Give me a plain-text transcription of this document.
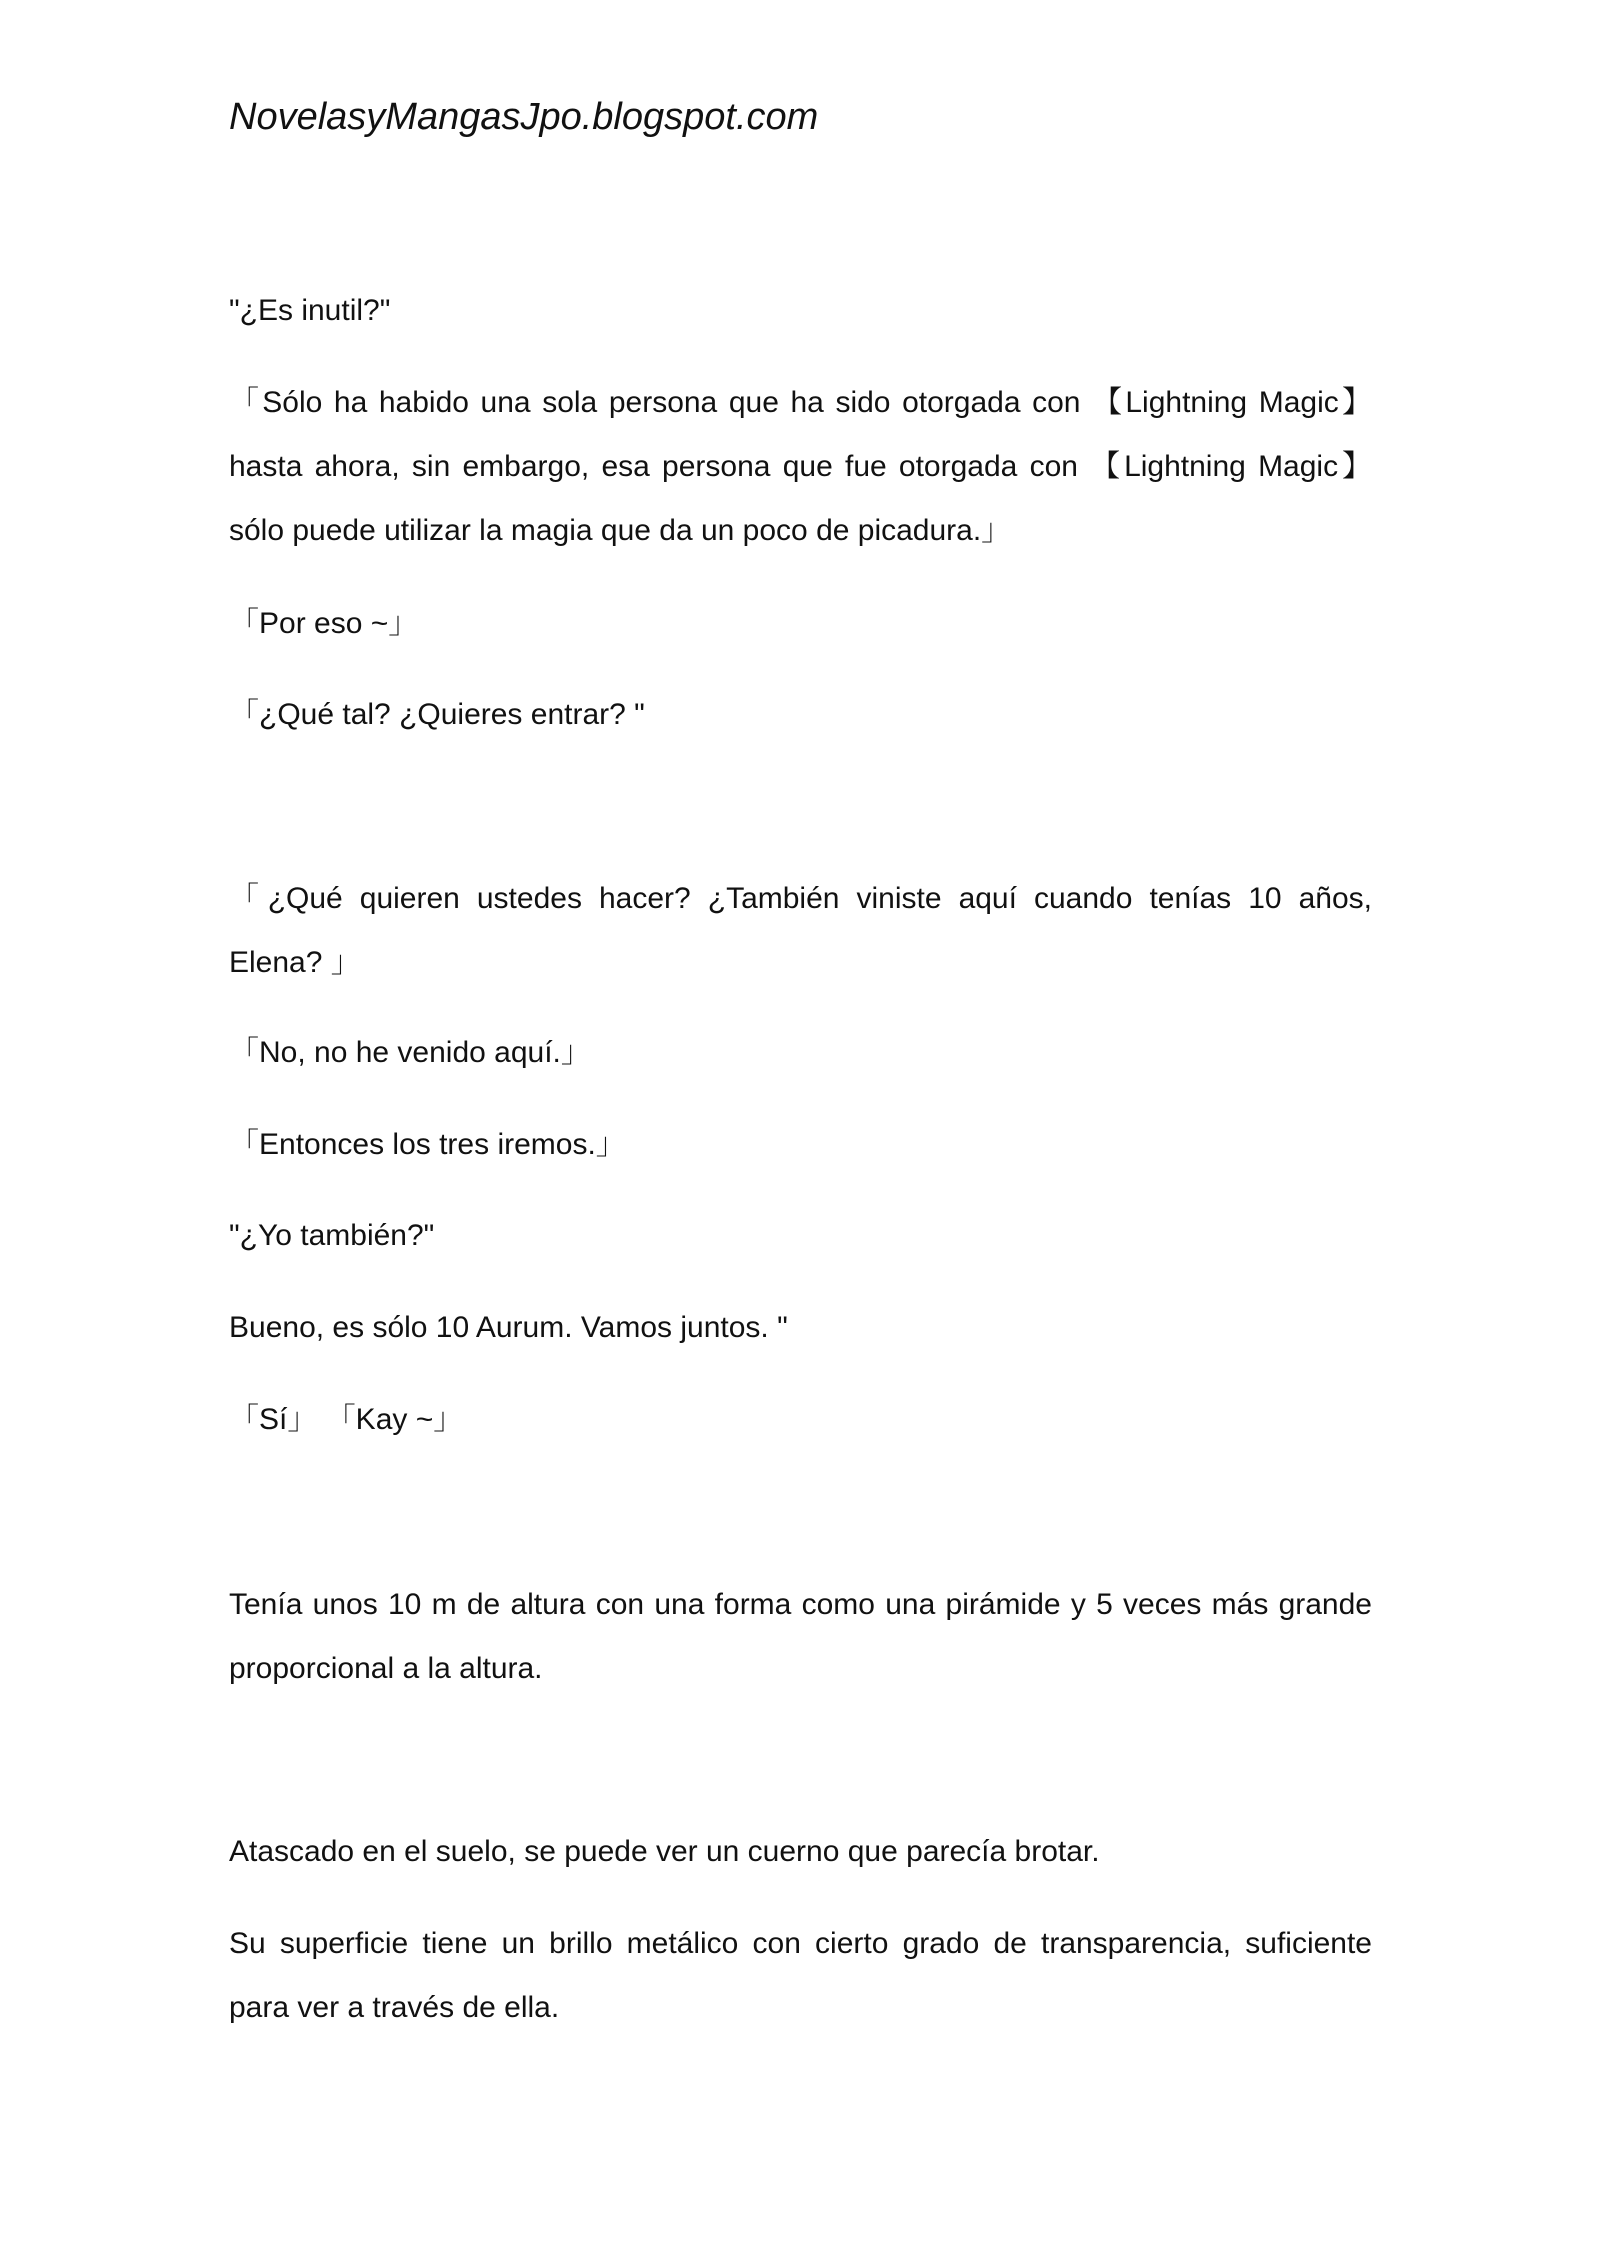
NovelasyMangasJpo.blogspot.com

"¿Es inutil?"

「Sólo ha habido una sola persona que ha sido otorgada con 【Lightning Magic】 hasta ahora, sin embargo, esa persona que fue otorgada con 【Lightning Magic】 sólo puede utilizar la magia que da un poco de picadura.」

「Por eso ~」

「¿Qué tal? ¿Quieres entrar? "

「¿Qué quieren ustedes hacer? ¿También viniste aquí cuando tenías 10 años, Elena? 」

「No, no he venido aquí.」

「Entonces los tres iremos.」

"¿Yo también?"

Bueno, es sólo 10 Aurum. Vamos juntos. "

「Sí」 「Kay ~」

Tenía unos 10 m de altura con una forma como una pirámide y 5 veces más grande proporcional a la altura.

Atascado en el suelo, se puede ver un cuerno que parecía brotar.

Su superficie tiene un brillo metálico con cierto grado de transparencia, suficiente para ver a través de ella.
